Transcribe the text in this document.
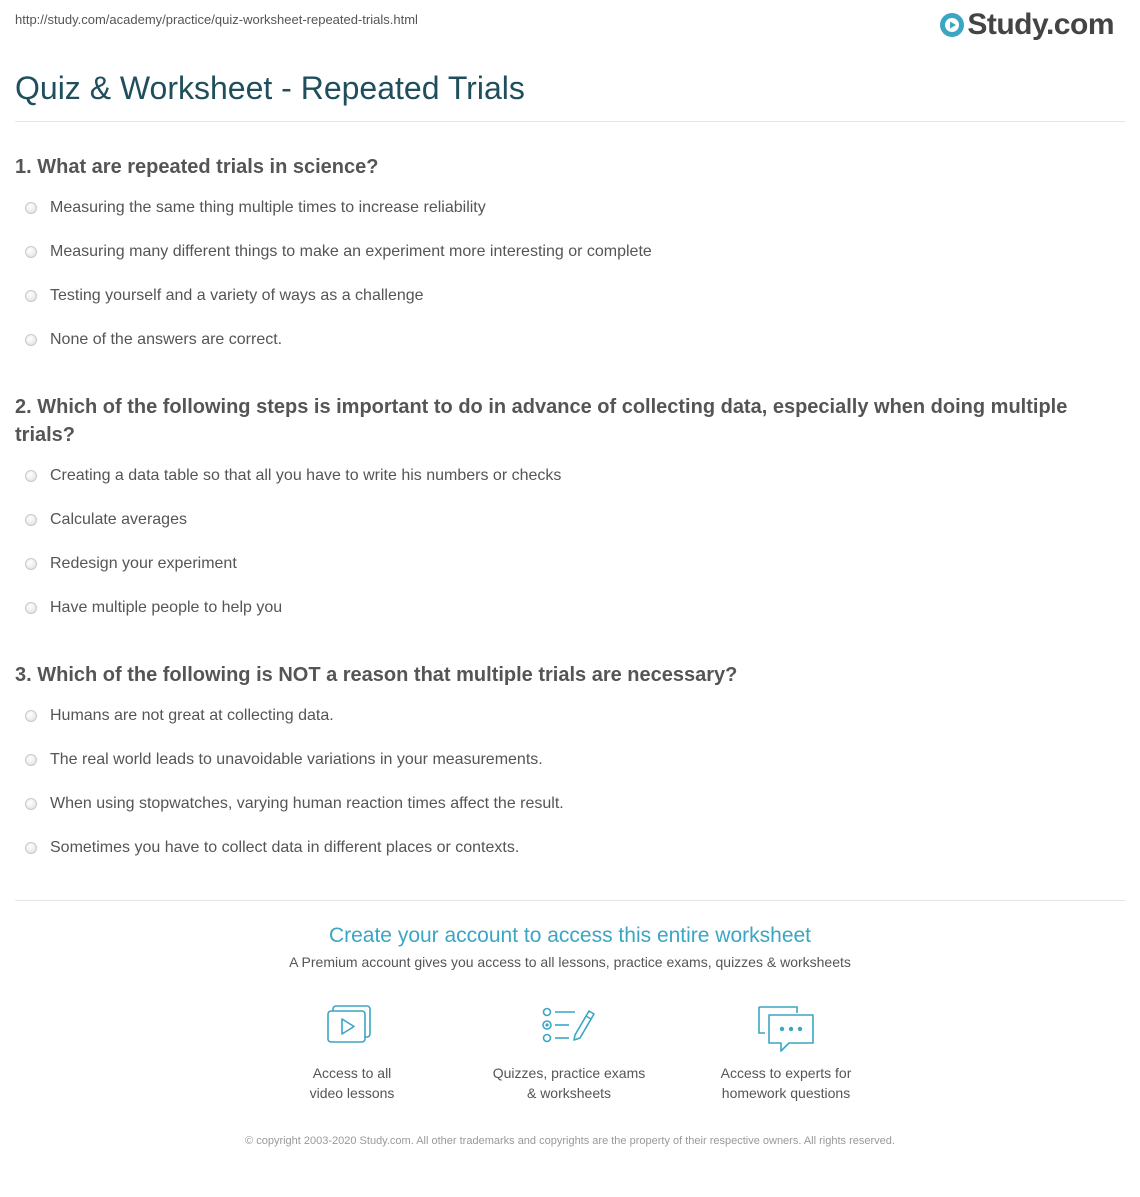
http://study.com/academy/practice/quiz-worksheet-repeated-trials.html	Study.com
Quiz & Worksheet - Repeated Trials

1. What are repeated trials in science?

Measuring the same thing multiple times to increase reliability
Measuring many different things to make an experiment more interesting or complete
Testing yourself and a variety of ways as a challenge
None of the answers are correct.

2. Which of the following steps is important to do in advance of collecting data, especially when doing multiple trials?

Creating a data table so that all you have to write his numbers or checks
Calculate averages
Redesign your experiment
Have multiple people to help you

3. Which of the following is NOT a reason that multiple trials are necessary?

Humans are not great at collecting data.
The real world leads to unavoidable variations in your measurements.
When using stopwatches, varying human reaction times affect the result.
Sometimes you have to collect data in different places or contexts.
Create your account to access this entire worksheet
A Premium account gives you access to all lessons, practice exams, quizzes & worksheets
Access to all
video lessons
Quizzes, practice exams
& worksheets
Access to experts for
homework questions
© copyright 2003-2020 Study.com. All other trademarks and copyrights are the property of their respective owners. All rights reserved.
